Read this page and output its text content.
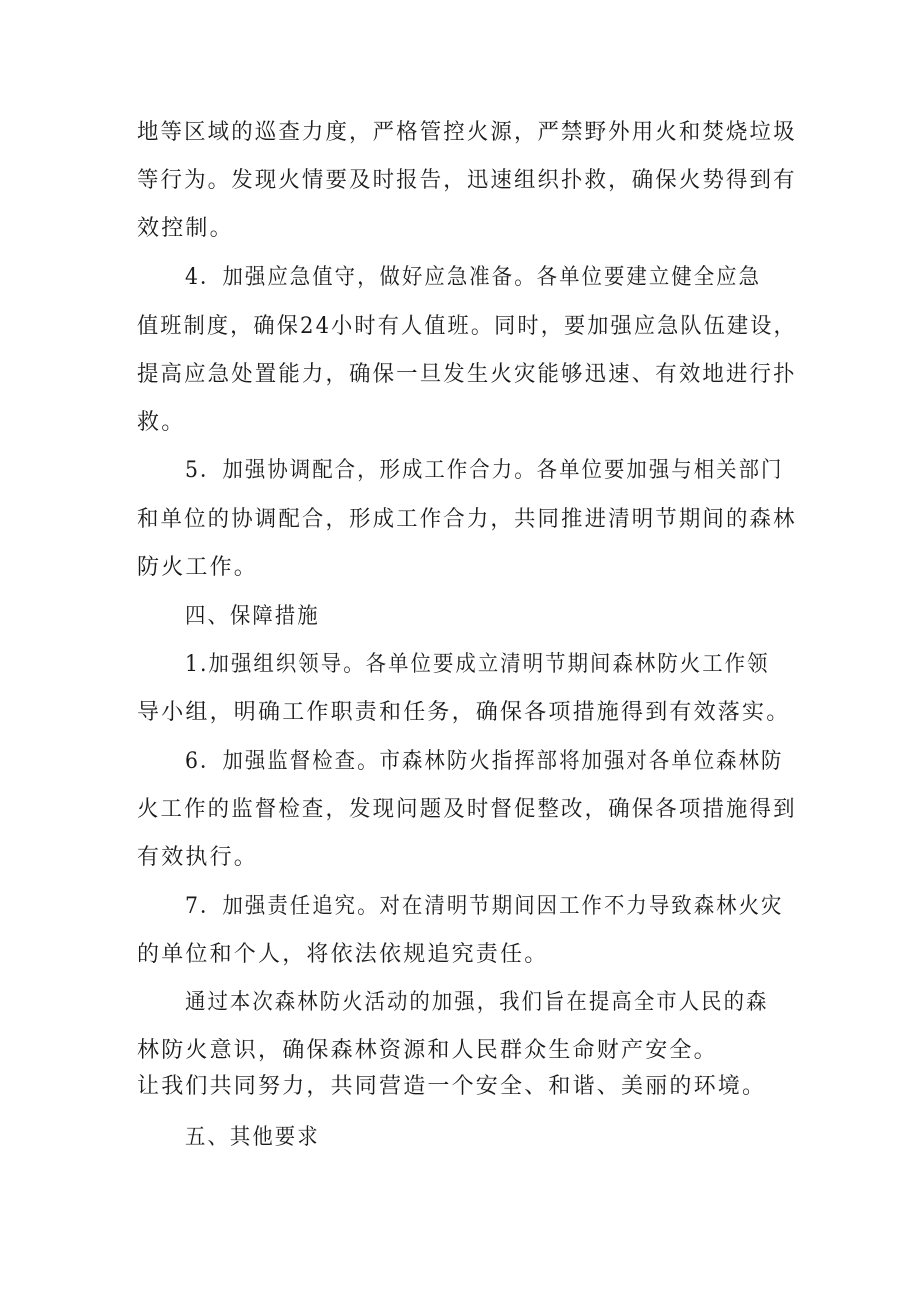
地等区域的巡查力度，严格管控火源，严禁野外用火和焚烧垃圾

等行为。发现火情要及时报告，迅速组织扑救，确保火势得到有

效控制。

4．加强应急值守，做好应急准备。各单位要建立健全应急

值班制度，确保24小时有人值班。同时，要加强应急队伍建设，

提高应急处置能力，确保一旦发生火灾能够迅速、有效地进行扑

救。

5．加强协调配合，形成工作合力。各单位要加强与相关部门

和单位的协调配合，形成工作合力，共同推进清明节期间的森林

防火工作。

四、保障措施

1.加强组织领导。各单位要成立清明节期间森林防火工作领

导小组，明确工作职责和任务，确保各项措施得到有效落实。

6．加强监督检查。市森林防火指挥部将加强对各单位森林防

火工作的监督检查，发现问题及时督促整改，确保各项措施得到

有效执行。

7．加强责任追究。对在清明节期间因工作不力导致森林火灾

的单位和个人，将依法依规追究责任。

通过本次森林防火活动的加强，我们旨在提高全市人民的森

林防火意识，确保森林资源和人民群众生命财产安全。

让我们共同努力，共同营造一个安全、和谐、美丽的环境。

五、其他要求
